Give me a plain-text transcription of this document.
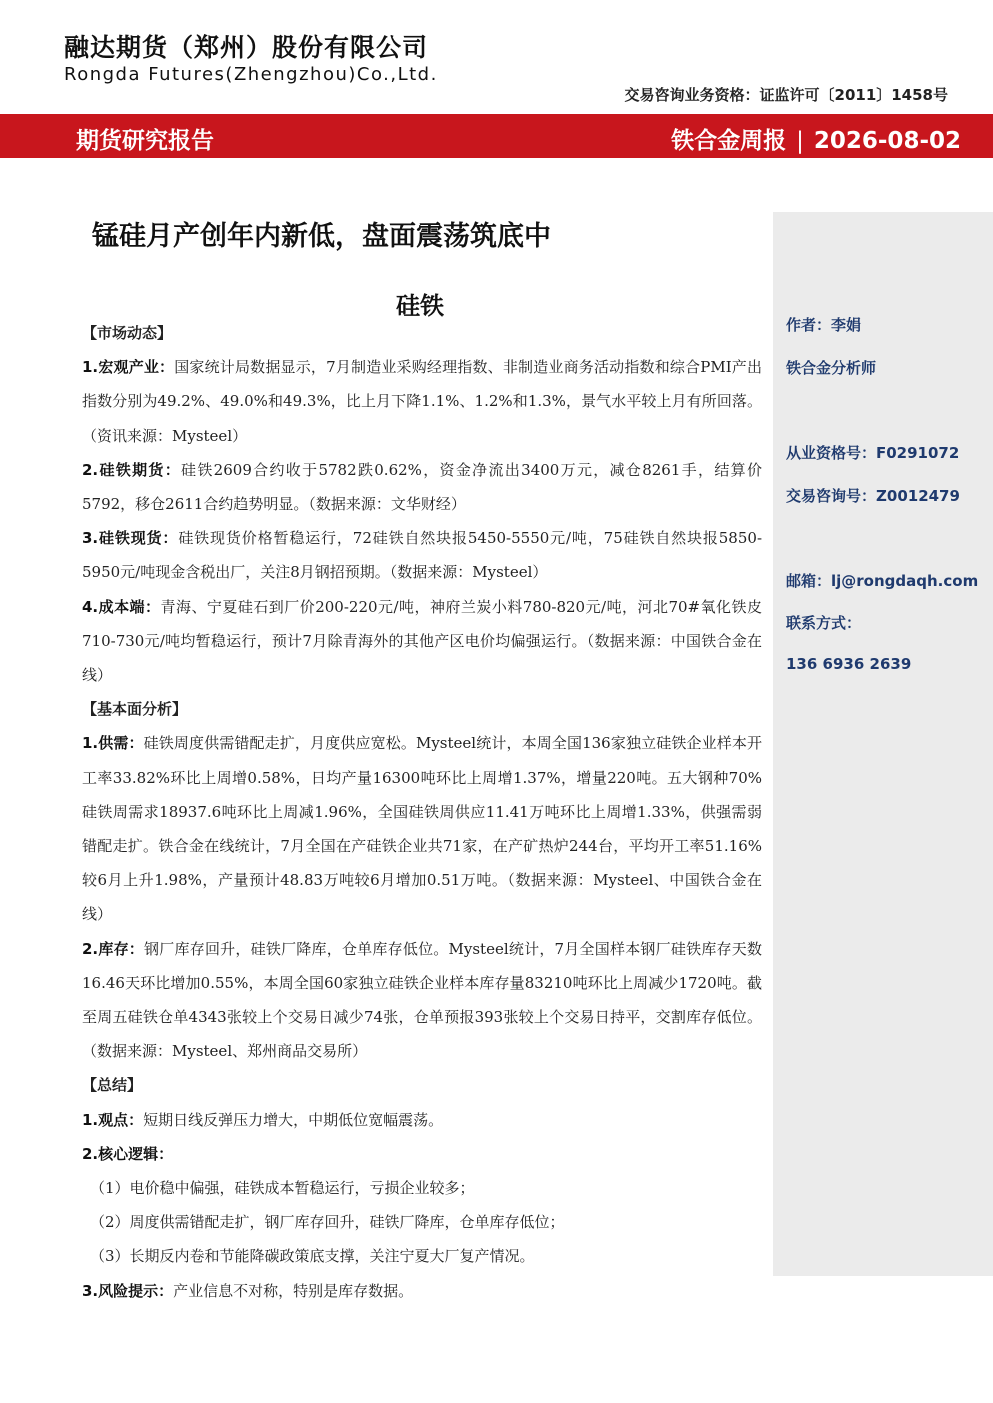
融达期货（郑州）股份有限公司
Rongda Futures(Zhengzhou)Co.,Ltd.
交易咨询业务资格：证监许可〔2011〕1458号
期货研究报告	铁合金周报 | 2026-08-02
作者：李娟
铁合金分析师
从业资格号：F0291072
交易咨询号：Z0012479
邮箱：lj@rongdaqh.com
联系方式：
136 6936 2639
锰硅月产创年内新低，盘面震荡筑底中
硅铁
【市场动态】

1.宏观产业：国家统计局数据显示，7月制造业采购经理指数、非制造业商务活动指数和综合PMI产出指数分别为49.2%、49.0%和49.3%，比上月下降1.1%、1.2%和1.3%，景气水平较上月有所回落。（资讯来源：Mysteel）

2.硅铁期货：硅铁2609合约收于5782跌0.62%，资金净流出3400万元，减仓8261手，结算价5792，移仓2611合约趋势明显。（数据来源：文华财经）

3.硅铁现货：硅铁现货价格暂稳运行，72硅铁自然块报5450-5550元/吨，75硅铁自然块报5850-5950元/吨现金含税出厂，关注8月钢招预期。（数据来源：Mysteel）

4.成本端：青海、宁夏硅石到厂价200-220元/吨，神府兰炭小料780-820元/吨，河北70#氧化铁皮710-730元/吨均暂稳运行，预计7月除青海外的其他产区电价均偏强运行。（数据来源：中国铁合金在线）

【基本面分析】

1.供需：硅铁周度供需错配走扩，月度供应宽松。Mysteel统计，本周全国136家独立硅铁企业样本开工率33.82%环比上周增0.58%，日均产量16300吨环比上周增1.37%，增量220吨。五大钢种70%硅铁周需求18937.6吨环比上周减1.96%，全国硅铁周供应11.41万吨环比上周增1.33%，供强需弱错配走扩。铁合金在线统计，7月全国在产硅铁企业共71家，在产矿热炉244台，平均开工率51.16%较6月上升1.98%，产量预计48.83万吨较6月增加0.51万吨。（数据来源：Mysteel、中国铁合金在线）

2.库存：钢厂库存回升，硅铁厂降库，仓单库存低位。Mysteel统计，7月全国样本钢厂硅铁库存天数16.46天环比增加0.55%，本周全国60家独立硅铁企业样本库存量83210吨环比上周减少1720吨。截至周五硅铁仓单4343张较上个交易日减少74张，仓单预报393张较上个交易日持平，交割库存低位。（数据来源：Mysteel、郑州商品交易所）

【总结】

1.观点：短期日线反弹压力增大，中期低位宽幅震荡。

2.核心逻辑：

（1）电价稳中偏强，硅铁成本暂稳运行，亏损企业较多；

（2）周度供需错配走扩，钢厂库存回升，硅铁厂降库，仓单库存低位；

（3）长期反内卷和节能降碳政策底支撑，关注宁夏大厂复产情况。

3.风险提示：产业信息不对称，特别是库存数据。
